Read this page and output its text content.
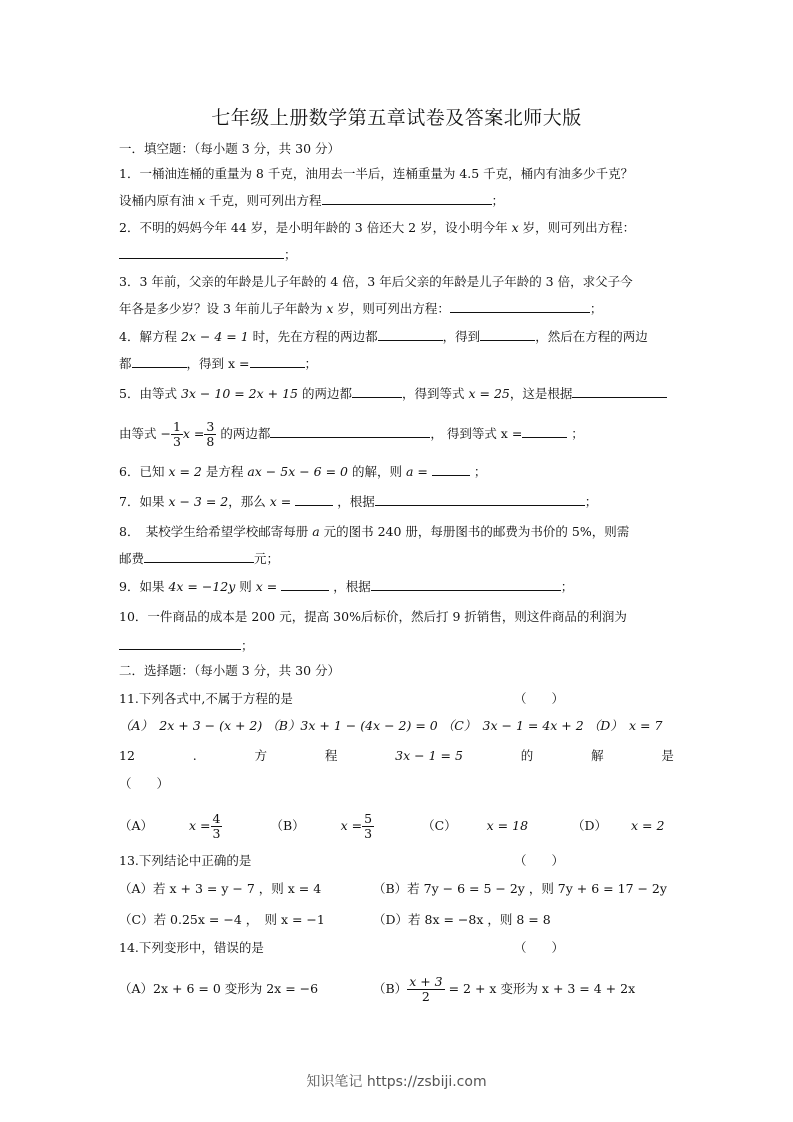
七年级上册数学第五章试卷及答案北师大版
一．填空题：（每小题 3 分，共 30 分）
1．一桶油连桶的重量为 8 千克，油用去一半后，连桶重量为 4.5 千克，桶内有油多少千克？
设桶内原有油 x 千克，则可列出方程	；
2．不明的妈妈今年 44 岁，是小明年龄的 3 倍还大 2 岁，设小明今年 x 岁，则可列出方程：
；
3．3 年前，父亲的年龄是儿子年龄的 4 倍，3 年后父亲的年龄是儿子年龄的 3 倍，求父子今
年各是多少岁？设 3 年前儿子年龄为 x 岁，则可列出方程：	；
4．解方程 2x − 4 = 1 时，先在方程的两边都	，得到	，然后在方程的两边
都	，得到 x =	；
5．由等式 3x − 10 = 2x + 15 的两边都	，得到等式 x = 25，这是根据
由等式 − $\frac{1}{3}$ $x = \frac{3}{8}$ 的两边都	， 得到等式 x =	；
6．已知 x = 2 是方程 ax − 5x − 6 = 0 的解，则 a =	；
7．如果 x − 3 = 2，那么 x =	，根据	；
8．　某校学生给希望学校邮寄每册 a 元的图书 240 册，每册图书的邮费为书价的 5%，则需
邮费	元；
9．如果 4x = −12y 则 x =	，根据	；
10．一件商品的成本是 200 元，提高 30%后标价，然后打 9 折销售，则这件商品的利润为
；
二．选择题：（每小题 3 分，共 30 分）
11.下列各式中,不属于方程的是	（　　）
（A）　2x + 3 − (x + 2) （B）3x + 1 − (4x − 2) = 0 （C）　3x − 1 = 4x + 2 （D）　x = 7
12	.	方	程	3x − 1 = 5	的	解	是
（　　）
（A）	$x = \frac{4}{3}$	（B）	$x = \frac{5}{3}$	（C） x = 18	（D） x = 2
13.下列结论中正确的是	（　　）
（A）若 x + 3 = y − 7 ，则 x = 4	（B）若 7y − 6 = 5 − 2y ，则 7y + 6 = 17 − 2y
（C）若 0.25x = −4 ，　则 x = −1	（D）若 8x = −8x ，则 8 = 8
14.下列变形中，错误的是	（　　）
（A）2x + 6 = 0 变形为 2x = −6	$(B) \frac{x + 3}{2} = 2 + x$ 变形为 x + 3 = 4 + 2x
知识笔记 https://zsbiji.com
